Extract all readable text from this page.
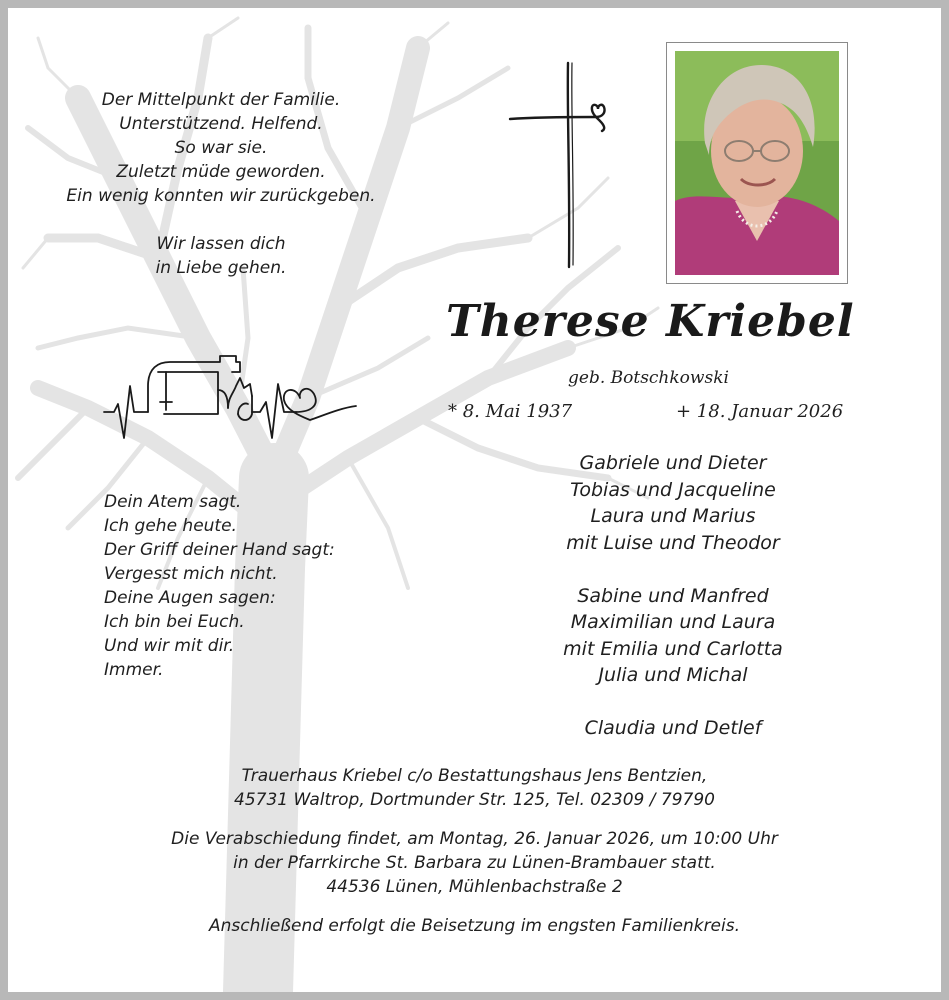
Der Mittelpunkt der Familie.
Unterstützend. Helfend.
So war sie.
Zuletzt müde geworden.
Ein wenig konnten wir zurückgeben.
Wir lassen dich
in Liebe gehen.
Therese Kriebel
geb. Botschkowski
* 8. Mai 1937	+ 18. Januar 2026
Dein Atem sagt.
Ich gehe heute.
Der Griff deiner Hand sagt:
Vergesst mich nicht.
Deine Augen sagen:
Ich bin bei Euch.
Und wir mit dir.
Immer.
Gabriele und Dieter
Tobias und Jacqueline
Laura und Marius
mit Luise und Theodor
Sabine und Manfred
Maximilian und Laura
mit Emilia und Carlotta
Julia und Michal
Claudia und Detlef
Trauerhaus Kriebel c/o Bestattungshaus Jens Bentzien,
45731 Waltrop, Dortmunder Str. 125, Tel. 02309 / 79790
Die Verabschiedung findet, am Montag, 26. Januar 2026, um 10:00 Uhr
in der Pfarrkirche St. Barbara zu Lünen-Brambauer statt.
44536 Lünen, Mühlenbachstraße 2
Anschließend erfolgt die Beisetzung im engsten Familienkreis.
